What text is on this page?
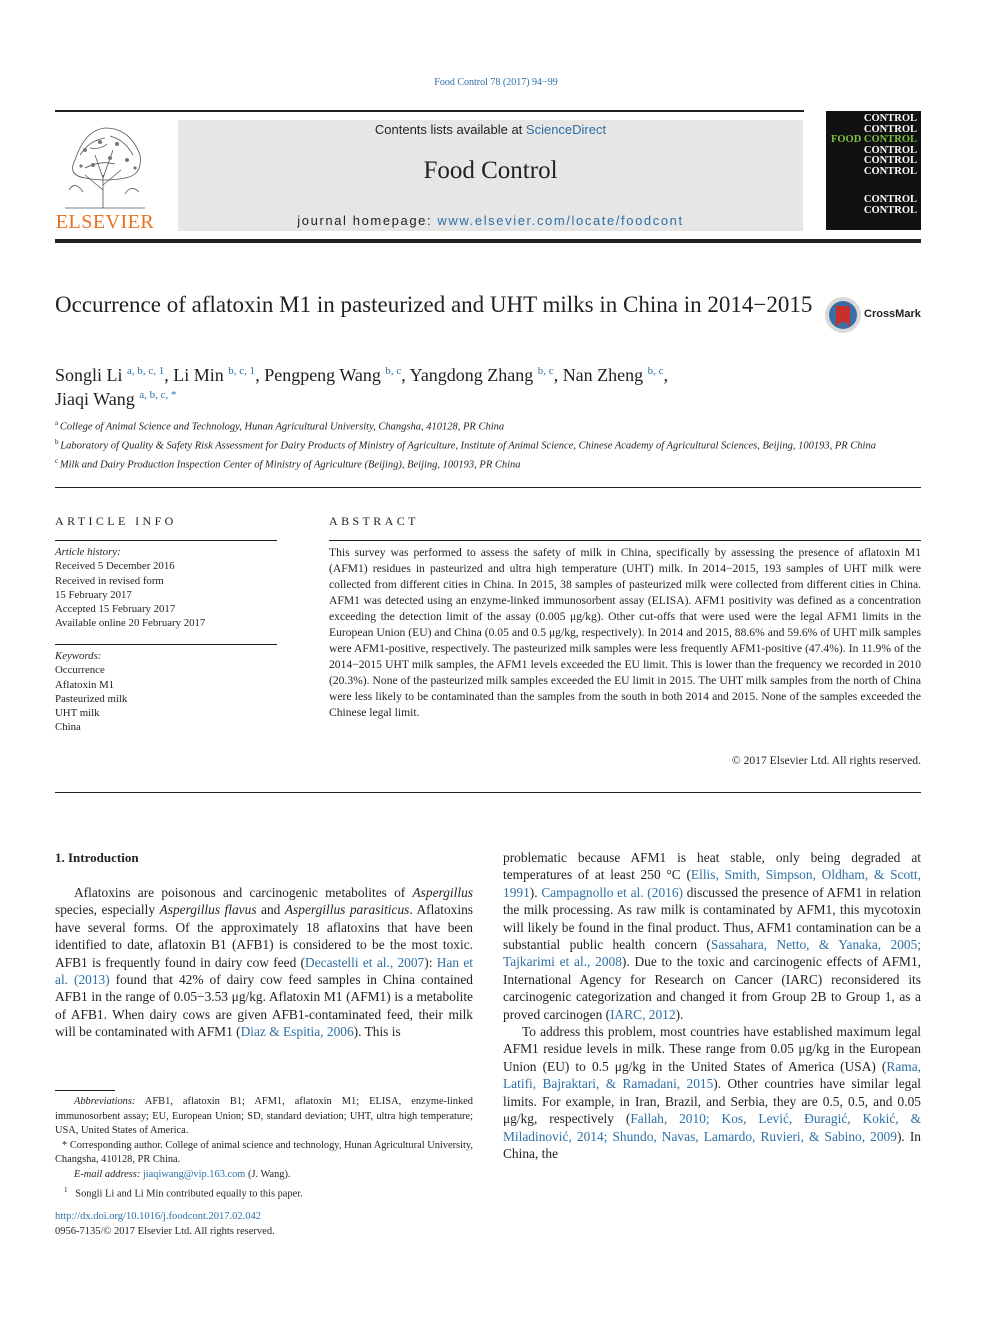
Food Control 78 (2017) 94−99
ELSEVIER
Contents lists available at ScienceDirect
Food Control
journal homepage: www.elsevier.com/locate/foodcont
CONTROL
CONTROL
FOOD CONTROL
CONTROL
CONTROL
CONTROL
CONTROL
CONTROL
Occurrence of aflatoxin M1 in pasteurized and UHT milks in China in 2014−2015	CrossMark
Songli Li $^{a, b, c, 1}$, Li Min $^{b, c, 1}$, Pengpeng Wang $^{b, c}$, Yangdong Zhang $^{b, c}$, Nan Zheng $^{b, c}$,
Jiaqi Wang $^{a, b, c, *}$
$^a$ College of Animal Science and Technology, Hunan Agricultural University, Changsha, 410128, PR China
$^b$ Laboratory of Quality & Safety Risk Assessment for Dairy Products of Ministry of Agriculture, Institute of Animal Science, Chinese Academy of Agricultural Sciences, Beijing, 100193, PR China
$^c$ Milk and Dairy Production Inspection Center of Ministry of Agriculture (Beijing), Beijing, 100193, PR China
ARTICLE INFO	ABSTRACT
Article history:
Received 5 December 2016
Received in revised form
15 February 2017
Accepted 15 February 2017
Available online 20 February 2017
Keywords:
Occurrence
Aflatoxin M1
Pasteurized milk
UHT milk
China
This survey was performed to assess the safety of milk in China, specifically by assessing the presence of aflatoxin M1 (AFM1) residues in pasteurized and ultra high temperature (UHT) milk. In 2014−2015, 193 samples of UHT milk were collected from different cities in China. In 2015, 38 samples of pasteurized milk were collected from different cities in China. AFM1 was detected using an enzyme-linked immunosorbent assay (ELISA). AFM1 positivity was defined as a concentration exceeding the detection limit of the assay (0.005 μg/kg). Other cut-offs that were used were the legal AFM1 limits in the European Union (EU) and China (0.05 and 0.5 μg/kg, respectively). In 2014 and 2015, 88.6% and 59.6% of UHT milk samples were AFM1-positive, respectively. The pasteurized milk samples were less frequently AFM1-positive (47.4%). In 11.9% of the 2014−2015 UHT milk samples, the AFM1 levels exceeded the EU limit. This is lower than the frequency we recorded in 2010 (20.3%). None of the pasteurized milk samples exceeded the EU limit in 2015. The UHT milk samples from the north of China were less likely to be contaminated than the samples from the south in both 2014 and 2015. None of the samples exceeded the Chinese legal limit.
© 2017 Elsevier Ltd. All rights reserved.
1. Introduction
Aflatoxins are poisonous and carcinogenic metabolites of Aspergillus species, especially Aspergillus flavus and Aspergillus parasiticus. Aflatoxins have several forms. Of the approximately 18 aflatoxins that have been identified to date, aflatoxin B1 (AFB1) is considered to be the most toxic. AFB1 is frequently found in dairy cow feed (Decastelli et al., 2007): Han et al. (2013) found that 42% of dairy cow feed samples in China contained AFB1 in the range of 0.05−3.53 μg/kg. Aflatoxin M1 (AFM1) is a metabolite of AFB1. When dairy cows are given AFB1-contaminated feed, their milk will be contaminated with AFM1 (Diaz & Espitia, 2006). This is
problematic because AFM1 is heat stable, only being degraded at temperatures of at least 250 °C (Ellis, Smith, Simpson, Oldham, & Scott, 1991). Campagnollo et al. (2016) discussed the presence of AFM1 in relation the milk processing. As raw milk is contaminated by AFM1, this mycotoxin will likely be found in the final product. Thus, AFM1 contamination can be a substantial public health concern (Sassahara, Netto, & Yanaka, 2005; Tajkarimi et al., 2008). Due to the toxic and carcinogenic effects of AFM1, International Agency for Research on Cancer (IARC) reconsidered its carcinogenic categorization and changed it from Group 2B to Group 1, as a proved carcinogen (IARC, 2012).
To address this problem, most countries have established maximum legal AFM1 residue levels in milk. These range from 0.05 μg/kg in the European Union (EU) to 0.5 μg/kg in the United States of America (USA) (Rama, Latifi, Bajraktari, & Ramadani, 2015). Other countries have similar legal limits. For example, in Iran, Brazil, and Serbia, they are 0.5, 0.5, and 0.05 μg/kg, respectively (Fallah, 2010; Kos, Lević, Đuragić, Kokić, & Miladinović, 2014; Shundo, Navas, Lamardo, Ruvieri, & Sabino, 2009). In China, the
Abbreviations: AFB1, aflatoxin B1; AFM1, aflatoxin M1; ELISA, enzyme-linked immunosorbent assay; EU, European Union; SD, standard deviation; UHT, ultra high temperature; USA, United States of America.
* Corresponding author. College of animal science and technology, Hunan Agricultural University, Changsha, 410128, PR China.
E-mail address: jiaqiwang@vip.163.com (J. Wang).
$^1$ Songli Li and Li Min contributed equally to this paper.
http://dx.doi.org/10.1016/j.foodcont.2017.02.042
0956-7135/© 2017 Elsevier Ltd. All rights reserved.
